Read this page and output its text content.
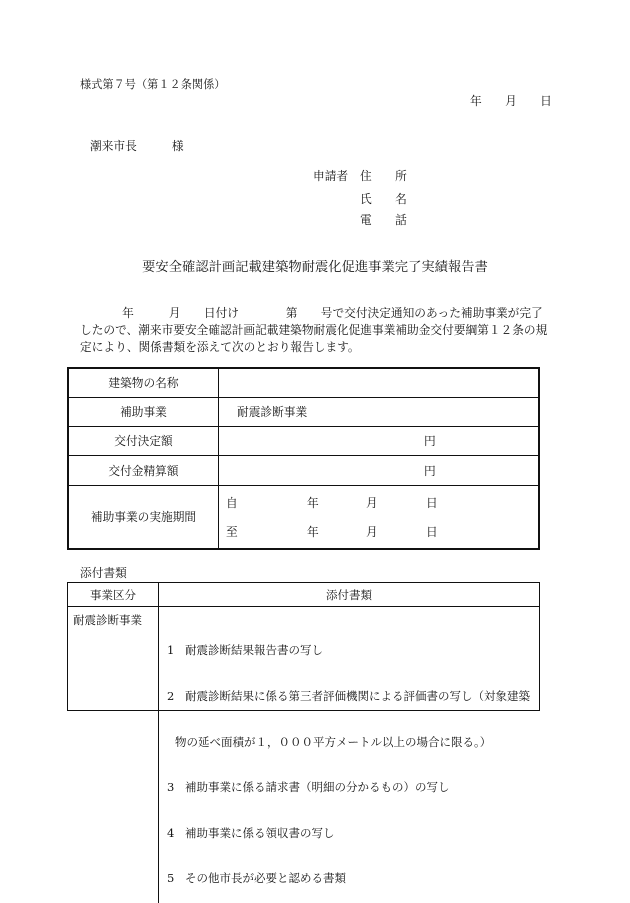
様式第７号（第１２条関係）
年　　月　　日
潮来市長　　　様
申請者 住　　所
氏　　名
電　　話
要安全確認計画記載建築物耐震化促進事業完了実績報告書
　　　年　　　月　　日付け　　　　第　　号で交付決定通知のあった補助事業が完了
したので、潮来市要安全確認計画記載建築物耐震化促進事業補助金交付要綱第１２条の規
定により、関係書類を添えて次のとおり報告します。
建築物の名称
補助事業	耐震診断事業
交付決定額	円
交付金精算額	円
補助事業の実施期間
自	年	月	日
至	年	月	日
添付書類
事業区分	添付書類
耐震診断事業

1 耐震診断結果報告書の写し

2 耐震診断結果に係る第三者評価機関による評価書の写し（対象建築

物の延べ面積が１，０００平方メートル以上の場合に限る。）

3 補助事業に係る請求書（明細の分かるもの）の写し

4 補助事業に係る領収書の写し

5 その他市長が必要と認める書類
